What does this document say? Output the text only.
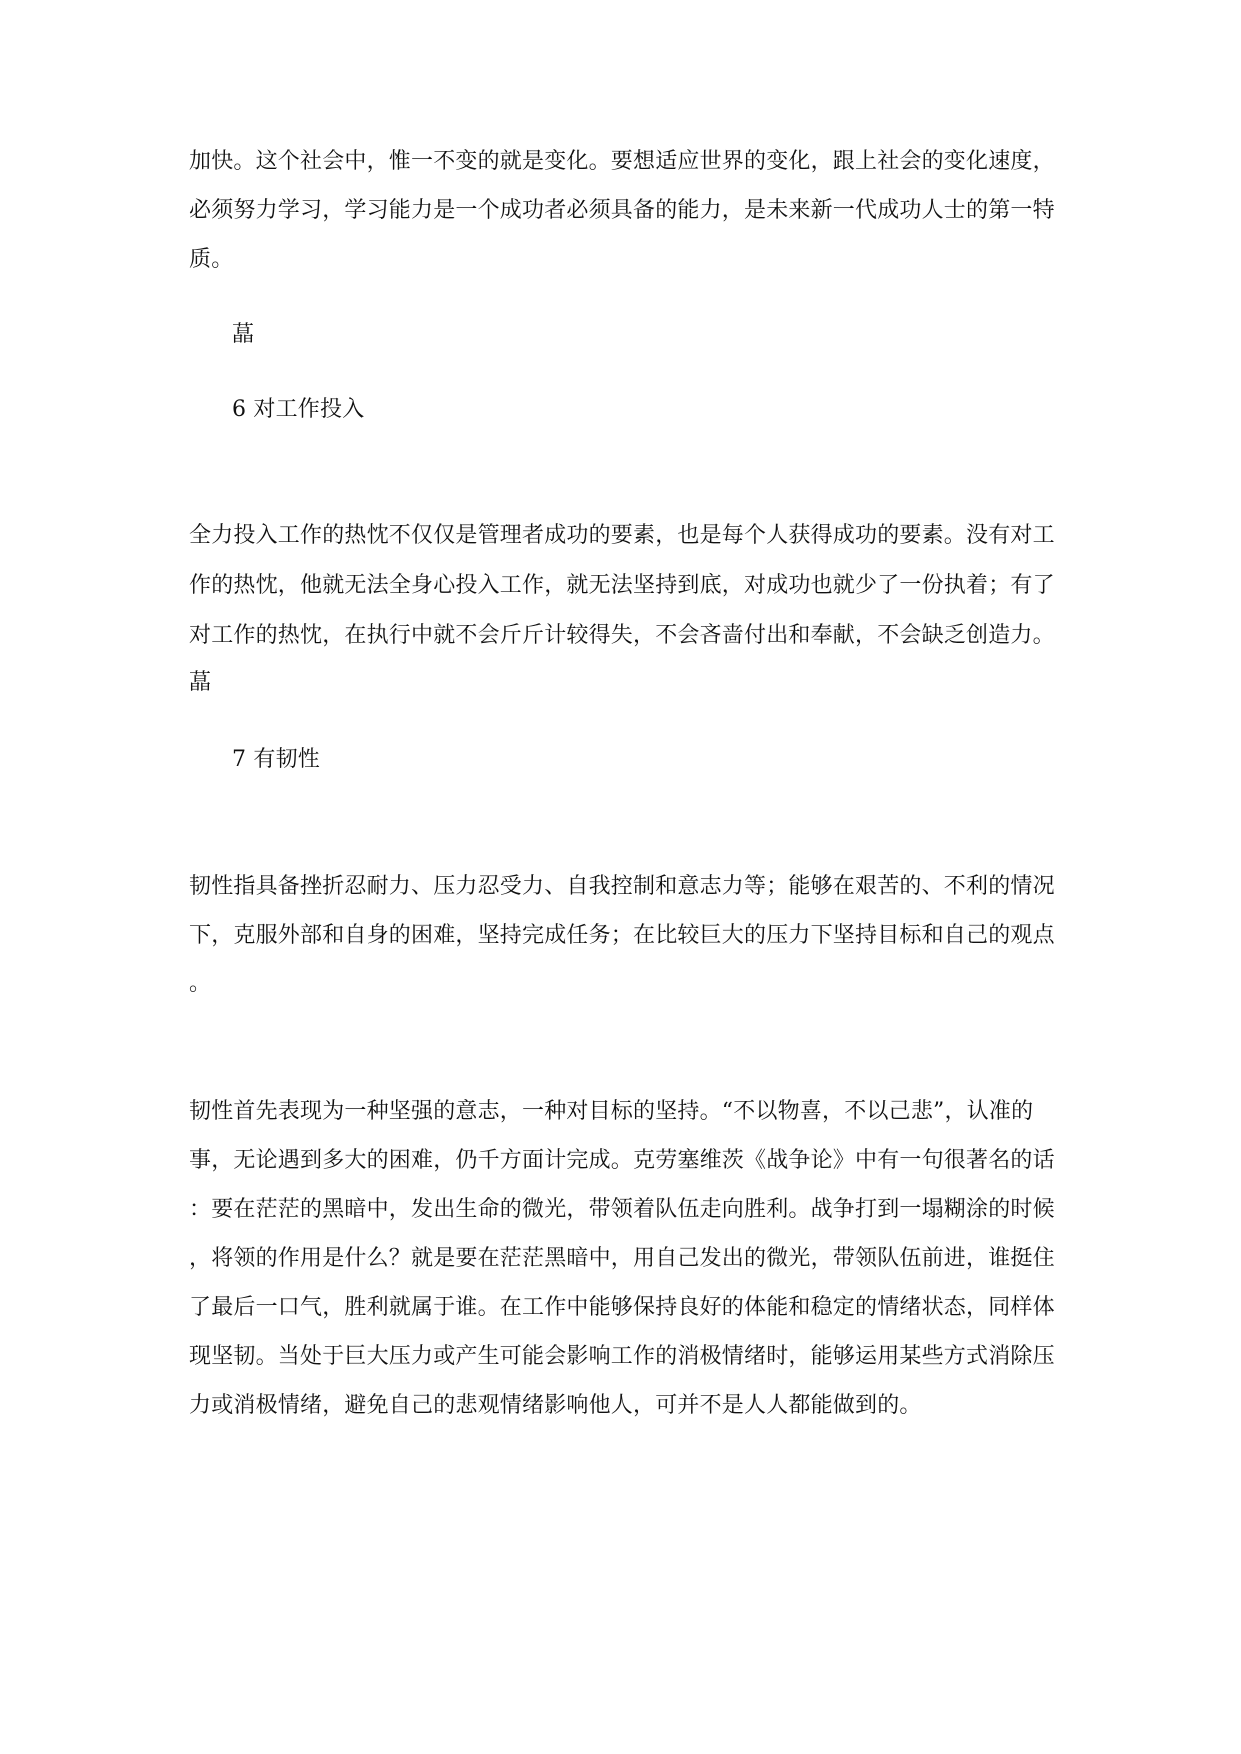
加快。这个社会中，惟一不变的就是变化。要想适应世界的变化，跟上社会的变化速度，

必须努力学习，学习能力是一个成功者必须具备的能力，是未来新一代成功人士的第一特

质。

蕌

6 对工作投入

全力投入工作的热忱不仅仅是管理者成功的要素，也是每个人获得成功的要素。没有对工

作的热忱，他就无法全身心投入工作，就无法坚持到底，对成功也就少了一份执着；有了

对工作的热忱，在执行中就不会斤斤计较得失，不会吝啬付出和奉献，不会缺乏创造力。

蕌

7 有韧性

韧性指具备挫折忍耐力、压力忍受力、自我控制和意志力等；能够在艰苦的、不利的情况

下，克服外部和自身的困难，坚持完成任务；在比较巨大的压力下坚持目标和自己的观点

。

韧性首先表现为一种坚强的意志，一种对目标的坚持。“不以物喜，不以己悲”，认准的

事，无论遇到多大的困难，仍千方面计完成。克劳塞维茨《战争论》中有一句很著名的话

：要在茫茫的黑暗中，发出生命的微光，带领着队伍走向胜利。战争打到一塌糊涂的时候

，将领的作用是什么？就是要在茫茫黑暗中，用自己发出的微光，带领队伍前进，谁挺住

了最后一口气，胜利就属于谁。在工作中能够保持良好的体能和稳定的情绪状态，同样体

现坚韧。当处于巨大压力或产生可能会影响工作的消极情绪时，能够运用某些方式消除压

力或消极情绪，避免自己的悲观情绪影响他人，可并不是人人都能做到的。
